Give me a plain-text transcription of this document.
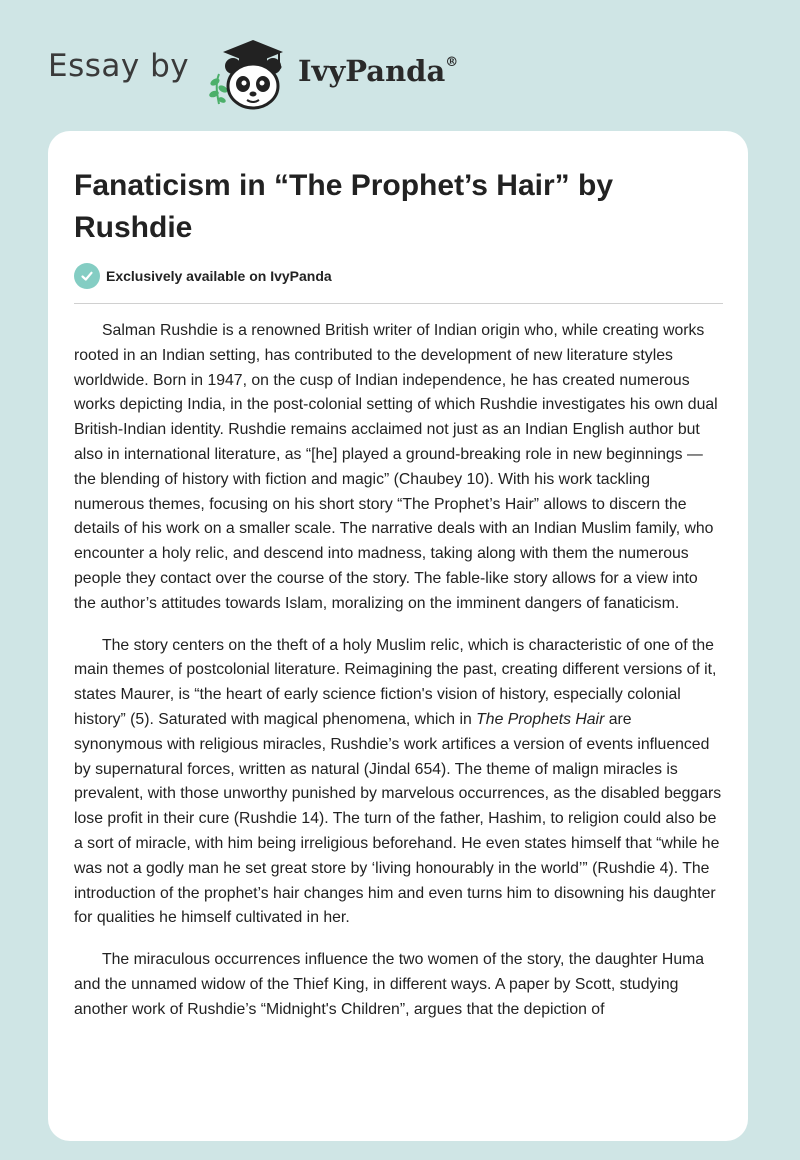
Essay by	IvyPanda®
Fanaticism in “The Prophet’s Hair” by Rushdie
Exclusively available on IvyPanda

Salman Rushdie is a renowned British writer of Indian origin who, while creating works rooted in an Indian setting, has contributed to the development of new literature styles worldwide. Born in 1947, on the cusp of Indian independence, he has created numerous works depicting India, in the post-colonial setting of which Rushdie investigates his own dual British-Indian identity. Rushdie remains acclaimed not just as an Indian English author but also in international literature, as “[he] played a ground-breaking role in new beginnings — the blending of history with fiction and magic” (Chaubey 10). With his work tackling numerous themes, focusing on his short story “The Prophet’s Hair” allows to discern the details of his work on a smaller scale. The narrative deals with an Indian Muslim family, who encounter a holy relic, and descend into madness, taking along with them the numerous people they contact over the course of the story. The fable-like story allows for a view into the author’s attitudes towards Islam, moralizing on the imminent dangers of fanaticism.

The story centers on the theft of a holy Muslim relic, which is characteristic of one of the main themes of postcolonial literature. Reimagining the past, creating different versions of it, states Maurer, is “the heart of early science fiction's vision of history, especially colonial history” (5). Saturated with magical phenomena, which in The Prophets Hair are synonymous with religious miracles, Rushdie’s work artifices a version of events influenced by supernatural forces, written as natural (Jindal 654). The theme of malign miracles is prevalent, with those unworthy punished by marvelous occurrences, as the disabled beggars lose profit in their cure (Rushdie 14). The turn of the father, Hashim, to religion could also be a sort of miracle, with him being irreligious beforehand. He even states himself that “while he was not a godly man he set great store by ‘living honourably in the world’” (Rushdie 4). The introduction of the prophet’s hair changes him and even turns him to disowning his daughter for qualities he himself cultivated in her.

The miraculous occurrences influence the two women of the story, the daughter Huma and the unnamed widow of the Thief King, in different ways. A paper by Scott, studying another work of Rushdie’s “Midnight's Children”, argues that the depiction of
